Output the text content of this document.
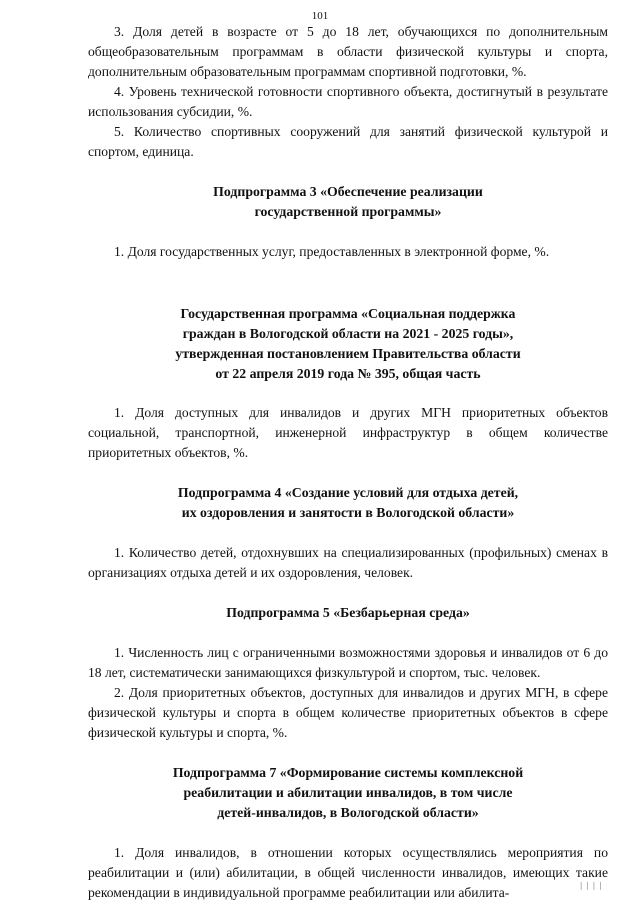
101

3. Доля детей в возрасте от 5 до 18 лет, обучающихся по дополнительным общеобразовательным программам в области физической культуры и спорта, дополнительным образовательным программам спортивной подготовки, %.

4. Уровень технической готовности спортивного объекта, достигнутый в результате использования субсидии, %.

5. Количество спортивных сооружений для занятий физической культурой и спортом, единица.

Подпрограмма 3 «Обеспечение реализации
государственной программы»

1. Доля государственных услуг, предоставленных в электронной форме, %.

Государственная программа «Социальная поддержка
граждан в Вологодской области на 2021 - 2025 годы»,
утвержденная постановлением Правительства области
от 22 апреля 2019 года № 395, общая часть

1. Доля доступных для инвалидов и других МГН приоритетных объектов социальной, транспортной, инженерной инфраструктур в общем количестве приоритетных объектов, %.

Подпрограмма 4 «Создание условий для отдыха детей,
их оздоровления и занятости в Вологодской области»

1. Количество детей, отдохнувших на специализированных (профильных) сменах в организациях отдыха детей и их оздоровления, человек.

Подпрограмма 5 «Безбарьерная среда»

1. Численность лиц с ограниченными возможностями здоровья и инвалидов от 6 до 18 лет, систематически занимающихся физкультурой и спортом, тыс. человек.

2. Доля приоритетных объектов, доступных для инвалидов и других МГН, в сфере физической культуры и спорта в общем количестве приоритетных объектов в сфере физической культуры и спорта, %.

Подпрограмма 7 «Формирование системы комплексной
реабилитации и абилитации инвалидов, в том числе
детей-инвалидов, в Вологодской области»

1. Доля инвалидов, в отношении которых осуществлялись мероприятия по реабилитации и (или) абилитации, в общей численности инвалидов, имеющих такие рекомендации в индивидуальной программе реабилитации или абилита-	ᛁᛁᛁᛁ
